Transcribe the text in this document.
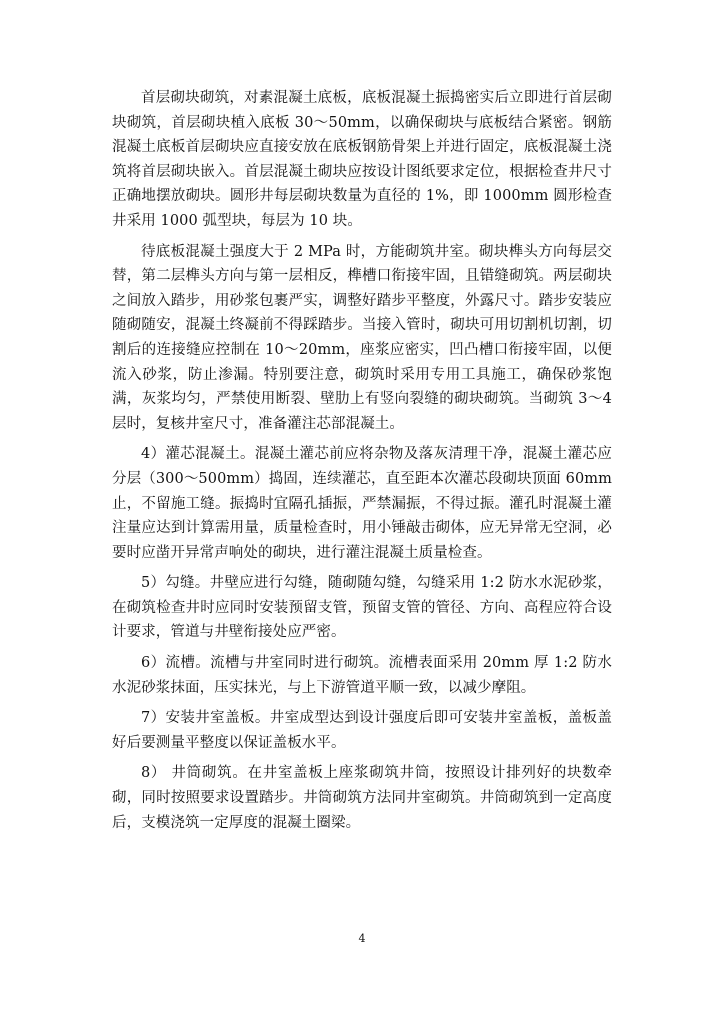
首层砌块砌筑，对素混凝土底板，底板混凝土振捣密实后立即进行首层砌块砌筑，首层砌块植入底板 30～50mm，以确保砌块与底板结合紧密。钢筋混凝土底板首层砌块应直接安放在底板钢筋骨架上并进行固定，底板混凝土浇筑将首层砌块嵌入。首层混凝土砌块应按设计图纸要求定位，根据检查井尺寸正确地摆放砌块。圆形井每层砌块数量为直径的 1%，即 1000mm 圆形检查井采用 1000 弧型块，每层为 10 块。

待底板混凝土强度大于 2 MPa 时，方能砌筑井室。砌块榫头方向每层交替，第二层榫头方向与第一层相反，榫槽口衔接牢固，且错缝砌筑。两层砌块之间放入踏步，用砂浆包裹严实，调整好踏步平整度，外露尺寸。踏步安装应随砌随安，混凝土终凝前不得踩踏步。当接入管时，砌块可用切割机切割，切割后的连接缝应控制在 10～20mm，座浆应密实，凹凸槽口衔接牢固，以便流入砂浆，防止渗漏。特别要注意，砌筑时采用专用工具施工，确保砂浆饱满，灰浆均匀，严禁使用断裂、壁肋上有竖向裂缝的砌块砌筑。当砌筑 3～4 层时，复核井室尺寸，准备灌注芯部混凝土。

4）灌芯混凝土。混凝土灌芯前应将杂物及落灰清理干净，混凝土灌芯应分层（300～500mm）捣固，连续灌芯，直至距本次灌芯段砌块顶面 60mm 止，不留施工缝。振捣时宜隔孔插振，严禁漏振，不得过振。灌孔时混凝土灌注量应达到计算需用量，质量检查时，用小锤敲击砌体，应无异常无空洞，必要时应凿开异常声响处的砌块，进行灌注混凝土质量检查。

5）勾缝。井壁应进行勾缝，随砌随勾缝，勾缝采用 1:2 防水水泥砂浆，在砌筑检查井时应同时安装预留支管，预留支管的管径、方向、高程应符合设计要求，管道与井壁衔接处应严密。

6）流槽。流槽与井室同时进行砌筑。流槽表面采用 20mm 厚 1:2 防水水泥砂浆抹面，压实抹光，与上下游管道平顺一致，以减少摩阻。

7）安装井室盖板。井室成型达到设计强度后即可安装井室盖板，盖板盖好后要测量平整度以保证盖板水平。

8） 井筒砌筑。在井室盖板上座浆砌筑井筒，按照设计排列好的块数牵砌，同时按照要求设置踏步。井筒砌筑方法同井室砌筑。井筒砌筑到一定高度后，支模浇筑一定厚度的混凝土圈梁。

4
